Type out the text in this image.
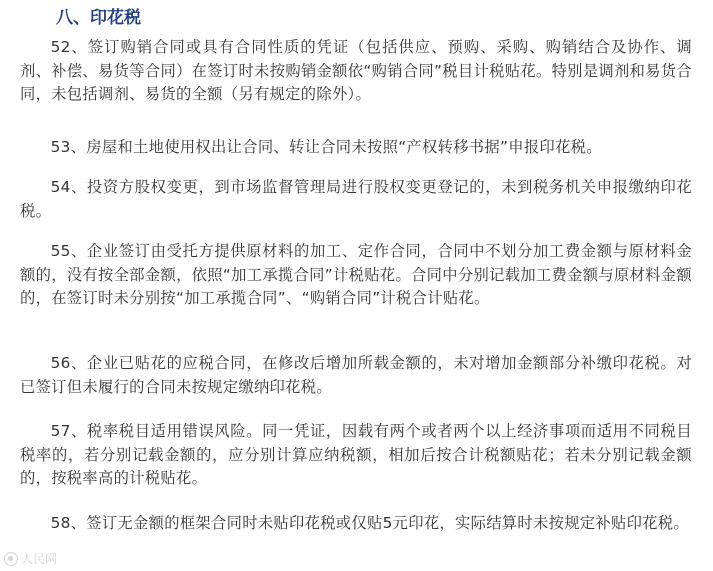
八、印花税

52、签订购销合同或具有合同性质的凭证（包括供应、预购、采购、购销结合及协作、调剂、补偿、易货等合同）在签订时未按购销金额依“购销合同”税目计税贴花。特别是调剂和易货合同，未包括调剂、易货的全额（另有规定的除外）。

53、房屋和土地使用权出让合同、转让合同未按照“产权转移书据”申报印花税。

54、投资方股权变更，到市场监督管理局进行股权变更登记的，未到税务机关申报缴纳印花税。

55、企业签订由受托方提供原材料的加工、定作合同，合同中不划分加工费金额与原材料金额的，没有按全部金额，依照“加工承揽合同”计税贴花。合同中分别记载加工费金额与原材料金额的，在签订时未分别按“加工承揽合同”、“购销合同”计税合计贴花。

56、企业已贴花的应税合同，在修改后增加所载金额的，未对增加金额部分补缴印花税。对已签订但未履行的合同未按规定缴纳印花税。

57、税率税目适用错误风险。同一凭证，因载有两个或者两个以上经济事项而适用不同税目税率的，若分别记载金额的，应分别计算应纳税额，相加后按合计税额贴花；若未分别记载金额的，按税率高的计税贴花。

58、签订无金额的框架合同时未贴印花税或仅贴5元印花，实际结算时未按规定补贴印花税。

人民网
